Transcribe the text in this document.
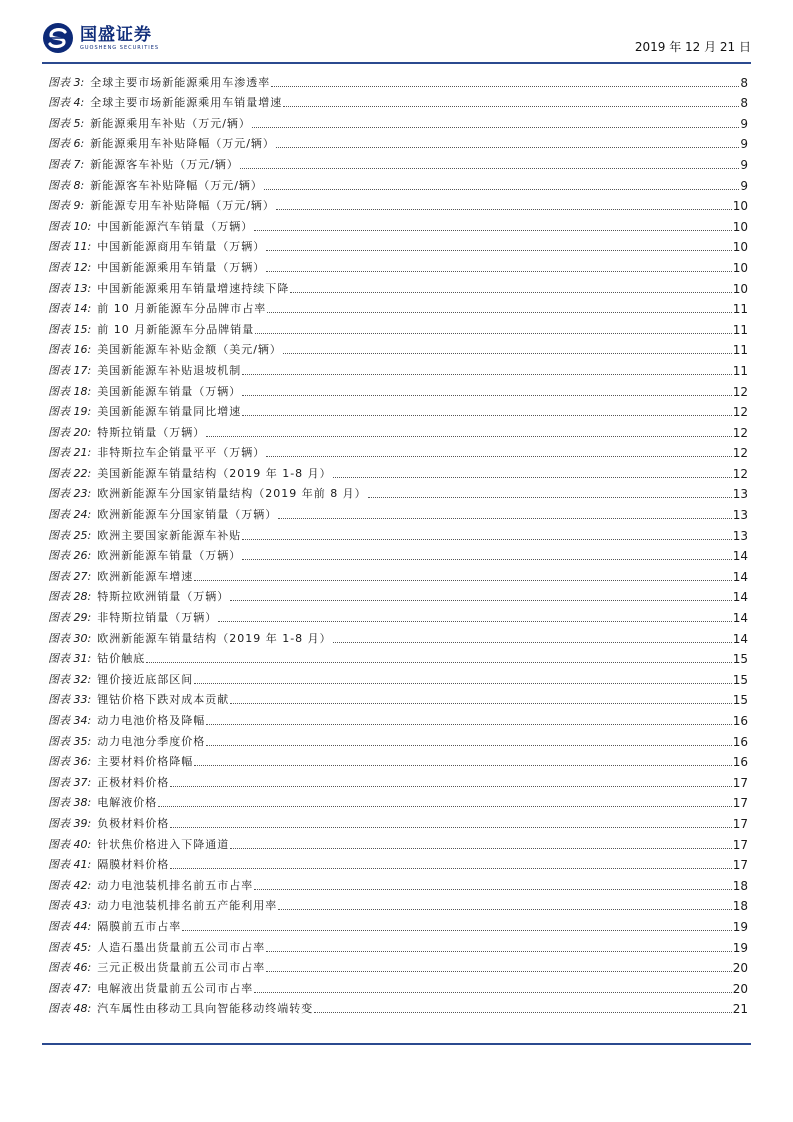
国盛证券
GUOSHENG SECURITIES	2019 年 12 月 21 日
图表 3: 全球主要市场新能源乘用车渗透率	8
图表 4: 全球主要市场新能源乘用车销量增速	8
图表 5: 新能源乘用车补贴（万元/辆）	9
图表 6: 新能源乘用车补贴降幅（万元/辆）	9
图表 7: 新能源客车补贴（万元/辆）	9
图表 8: 新能源客车补贴降幅（万元/辆）	9
图表 9: 新能源专用车补贴降幅（万元/辆）	10
图表 10: 中国新能源汽车销量（万辆）	10
图表 11: 中国新能源商用车销量（万辆）	10
图表 12: 中国新能源乘用车销量（万辆）	10
图表 13: 中国新能源乘用车销量增速持续下降	10
图表 14: 前 10 月新能源车分品牌市占率	11
图表 15: 前 10 月新能源车分品牌销量	11
图表 16: 美国新能源车补贴金额（美元/辆）	11
图表 17: 美国新能源车补贴退坡机制	11
图表 18: 美国新能源车销量（万辆）	12
图表 19: 美国新能源车销量同比增速	12
图表 20: 特斯拉销量（万辆）	12
图表 21: 非特斯拉车企销量平平（万辆）	12
图表 22: 美国新能源车销量结构（2019 年 1-8 月）	12
图表 23: 欧洲新能源车分国家销量结构（2019 年前 8 月）	13
图表 24: 欧洲新能源车分国家销量（万辆）	13
图表 25: 欧洲主要国家新能源车补贴	13
图表 26: 欧洲新能源车销量（万辆）	14
图表 27: 欧洲新能源车增速	14
图表 28: 特斯拉欧洲销量（万辆）	14
图表 29: 非特斯拉销量（万辆）	14
图表 30: 欧洲新能源车销量结构（2019 年 1-8 月）	14
图表 31: 钴价触底	15
图表 32: 锂价接近底部区间	15
图表 33: 锂钴价格下跌对成本贡献	15
图表 34: 动力电池价格及降幅	16
图表 35: 动力电池分季度价格	16
图表 36: 主要材料价格降幅	16
图表 37: 正极材料价格	17
图表 38: 电解液价格	17
图表 39: 负极材料价格	17
图表 40: 针状焦价格进入下降通道	17
图表 41: 隔膜材料价格	17
图表 42: 动力电池装机排名前五市占率	18
图表 43: 动力电池装机排名前五产能利用率	18
图表 44: 隔膜前五市占率	19
图表 45: 人造石墨出货量前五公司市占率	19
图表 46: 三元正极出货量前五公司市占率	20
图表 47: 电解液出货量前五公司市占率	20
图表 48: 汽车属性由移动工具向智能移动终端转变	21
